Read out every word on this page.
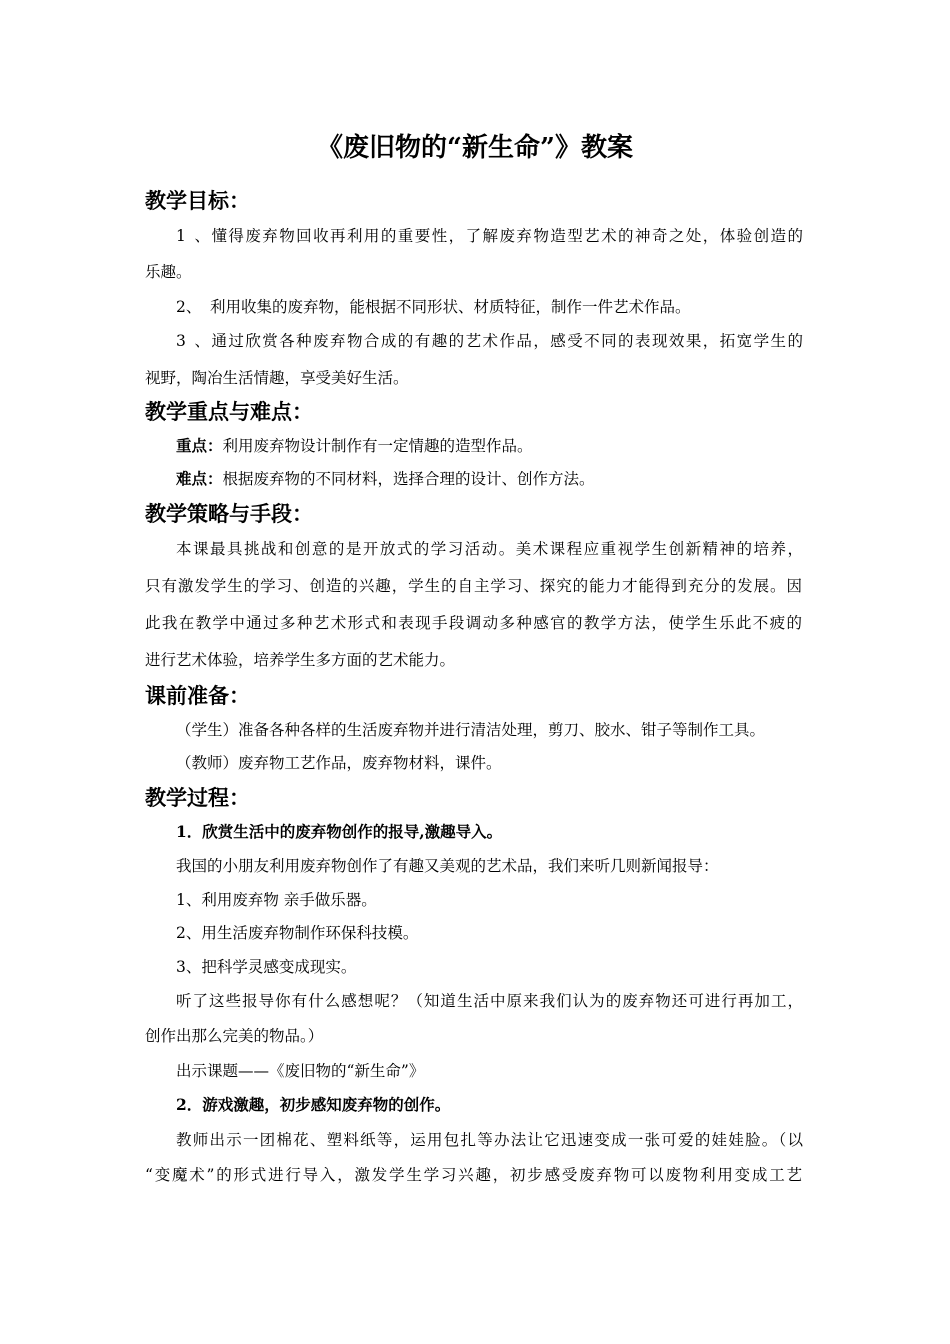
《废旧物的“新生命”》教案
教学目标：
1、懂得废弃物回收再利用的重要性，了解废弃物造型艺术的神奇之处，体验创造的
乐趣。
2、 利用收集的废弃物，能根据不同形状、材质特征，制作一件艺术作品。
3、通过欣赏各种废弃物合成的有趣的艺术作品，感受不同的表现效果，拓宽学生的
视野，陶冶生活情趣，享受美好生活。
教学重点与难点：
重点：利用废弃物设计制作有一定情趣的造型作品。
难点：根据废弃物的不同材料，选择合理的设计、创作方法。
教学策略与手段：
本课最具挑战和创意的是开放式的学习活动。美术课程应重视学生创新精神的培养，
只有激发学生的学习、创造的兴趣，学生的自主学习、探究的能力才能得到充分的发展。因
此我在教学中通过多种艺术形式和表现手段调动多种感官的教学方法，使学生乐此不疲的
进行艺术体验，培养学生多方面的艺术能力。
课前准备：
（学生）准备各种各样的生活废弃物并进行清洁处理，剪刀、胶水、钳子等制作工具。
（教师）废弃物工艺作品，废弃物材料，课件。
教学过程：
1．欣赏生活中的废弃物创作的报导,激趣导入。
我国的小朋友利用废弃物创作了有趣又美观的艺术品，我们来听几则新闻报导：
1、利用废弃物 亲手做乐器。
2、用生活废弃物制作环保科技模。
3、把科学灵感变成现实。
听了这些报导你有什么感想呢？（知道生活中原来我们认为的废弃物还可进行再加工，
创作出那么完美的物品。）
出示课题——《废旧物的“新生命”》
2．游戏激趣，初步感知废弃物的创作。
教师出示一团棉花、塑料纸等，运用包扎等办法让它迅速变成一张可爱的娃娃脸。（以
“变魔术”的形式进行导入，激发学生学习兴趣，初步感受废弃物可以废物利用变成工艺
